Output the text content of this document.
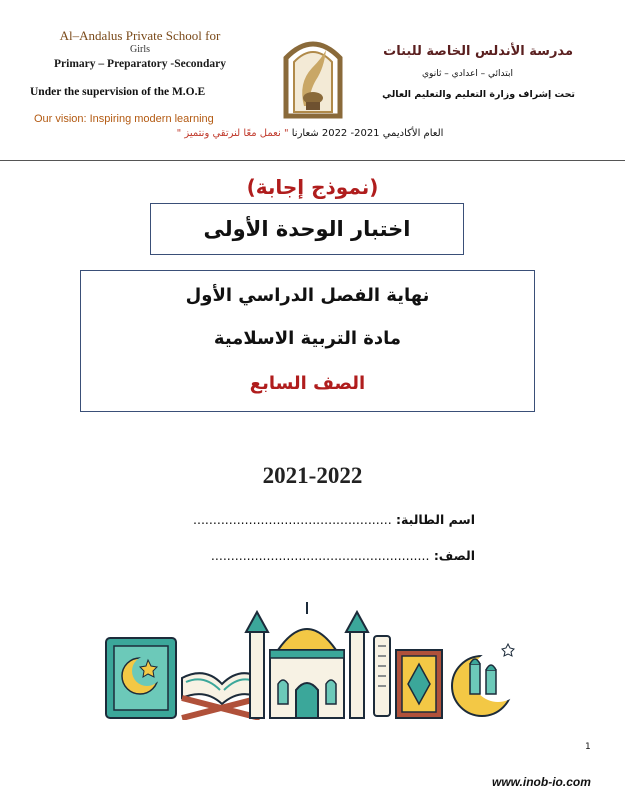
Al–Andalus Private School for
Girls
Primary – Preparatory -Secondary
Under the supervision of the M.O.E
Our vision: Inspiring modern learning
مدرسة الأندلس الخاصة للبنات
ابتدائي – اعدادي – ثانوي
تحت إشراف وزارة التعليم والتعليم العالي
العام الأكاديمي 2021- 2022 شعارنا " نعمل معًا لنرتقي ونتميز "
(نموذج إجابة)
اختبار الوحدة الأولى
نهاية الفصل الدراسي الأول
مادة التربية الاسلامية
الصف السابع
2021-2022
اسم الطالبة: ..................................................
الصف: .......................................................
1
www.inob-io.com
